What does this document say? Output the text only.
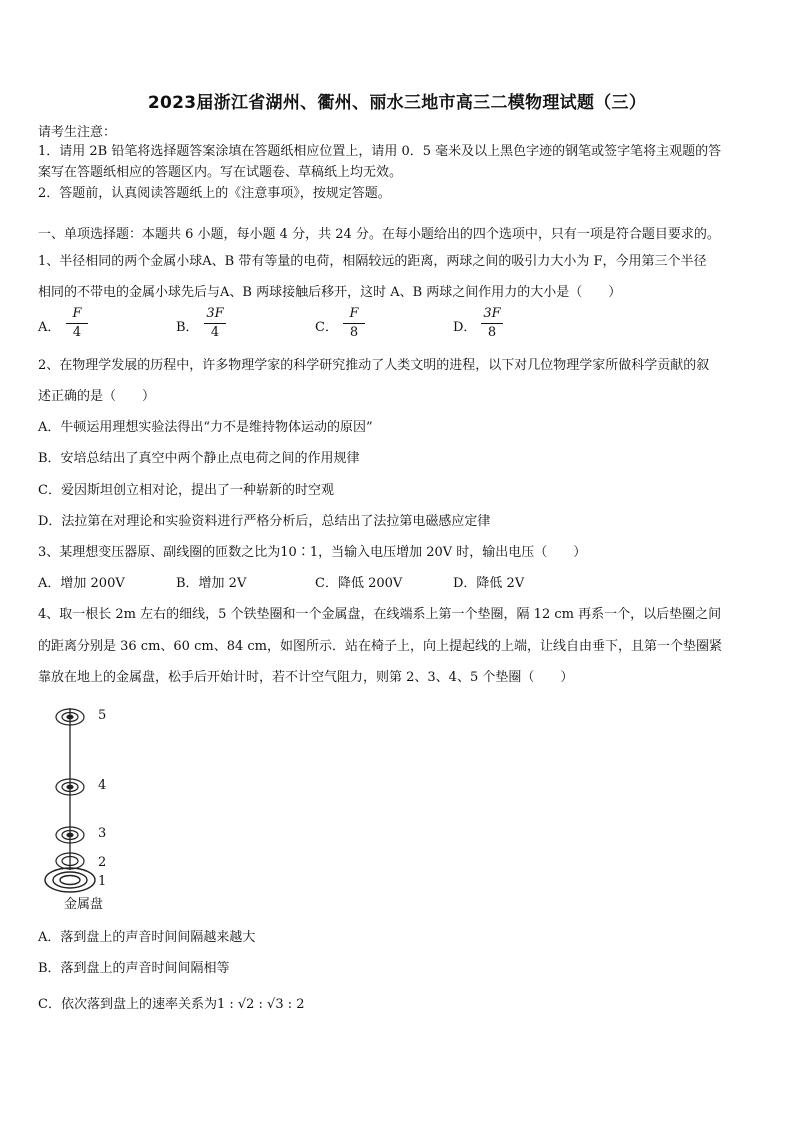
2023届浙江省湖州、衢州、丽水三地市高三二模物理试题（三）
请考生注意：
1．请用 2B 铅笔将选择题答案涂填在答题纸相应位置上，请用 0．5 毫米及以上黑色字迹的钢笔或签字笔将主观题的答
案写在答题纸相应的答题区内。写在试题卷、草稿纸上均无效。
2．答题前，认真阅读答题纸上的《注意事项》，按规定答题。
一、单项选择题：本题共 6 小题，每小题 4 分，共 24 分。在每小题给出的四个选项中，只有一项是符合题目要求的。
1、半径相同的两个金属小球A、B 带有等量的电荷，相隔较远的距离，两球之间的吸引力大小为 F，今用第三个半径
相同的不带电的金属小球先后与A、B 两球接触后移开，这时 A、B 两球之间作用力的大小是（　　）
A．
F
4	B．
3F
4	C．
F
8	D．
3F
8
2、在物理学发展的历程中，许多物理学家的科学研究推动了人类文明的进程，以下对几位物理学家所做科学贡献的叙
述正确的是（　　）
A．牛顿运用理想实验法得出“力不是维持物体运动的原因”
B．安培总结出了真空中两个静止点电荷之间的作用规律
C．爱因斯坦创立相对论，提出了一种崭新的时空观
D．法拉第在对理论和实验资料进行严格分析后，总结出了法拉第电磁感应定律
3、某理想变压器原、副线圈的匝数之比为10∶1，当输入电压增加 20V 时，输出电压（　　）
A．增加 200V	B．增加 2V	C．降低 200V	D．降低 2V
4、取一根长 2m 左右的细线，5 个铁垫圈和一个金属盘，在线端系上第一个垫圈，隔 12 cm 再系一个，以后垫圈之间
的距离分别是 36 cm、60 cm、84 cm，如图所示．站在椅子上，向上提起线的上端，让线自由垂下，且第一个垫圈紧
靠放在地上的金属盘，松手后开始计时，若不计空气阻力，则第 2、3、4、5 个垫圈（　　）
5
4
3
2
1
金属盘
A．落到盘上的声音时间间隔越来越大
B．落到盘上的声音时间间隔相等
C．依次落到盘上的速率关系为1 : √2 : √3 : 2
